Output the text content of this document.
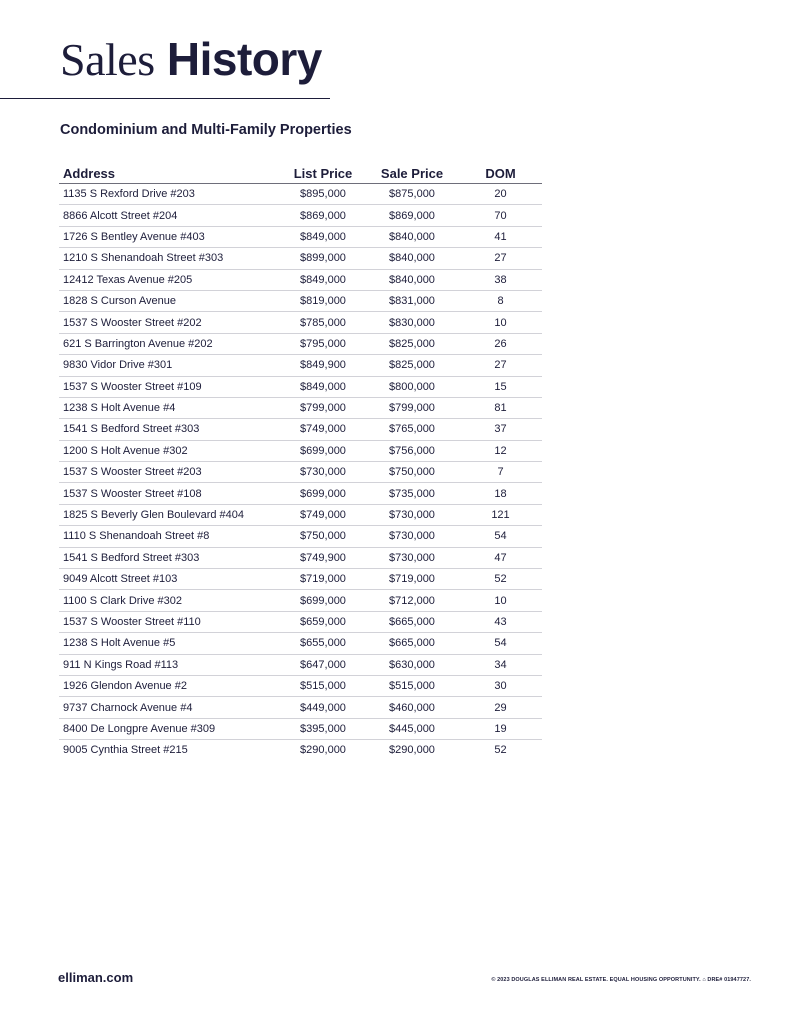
Sales History
Condominium and Multi-Family Properties
Address	List Price	Sale Price	DOM
1135 S Rexford Drive #203	$895,000	$875,000	20
8866 Alcott Street #204	$869,000	$869,000	70
1726 S Bentley Avenue #403	$849,000	$840,000	41
1210 S Shenandoah Street #303	$899,000	$840,000	27
12412 Texas Avenue #205	$849,000	$840,000	38
1828 S Curson Avenue	$819,000	$831,000	8
1537 S Wooster Street #202	$785,000	$830,000	10
621 S Barrington Avenue #202	$795,000	$825,000	26
9830 Vidor Drive #301	$849,900	$825,000	27
1537 S Wooster Street #109	$849,000	$800,000	15
1238 S Holt Avenue #4	$799,000	$799,000	81
1541 S Bedford Street #303	$749,000	$765,000	37
1200 S Holt Avenue #302	$699,000	$756,000	12
1537 S Wooster Street #203	$730,000	$750,000	7
1537 S Wooster Street #108	$699,000	$735,000	18
1825 S Beverly Glen Boulevard #404	$749,000	$730,000	121
1110 S Shenandoah Street #8	$750,000	$730,000	54
1541 S Bedford Street #303	$749,900	$730,000	47
9049 Alcott Street #103	$719,000	$719,000	52
1100 S Clark Drive #302	$699,000	$712,000	10
1537 S Wooster Street #110	$659,000	$665,000	43
1238 S Holt Avenue #5	$655,000	$665,000	54
911 N Kings Road #113	$647,000	$630,000	34
1926 Glendon Avenue #2	$515,000	$515,000	30
9737 Charnock Avenue #4	$449,000	$460,000	29
8400 De Longpre Avenue #309	$395,000	$445,000	19
9005 Cynthia Street #215	$290,000	$290,000	52
elliman.com	© 2023 DOUGLAS ELLIMAN REAL ESTATE. EQUAL HOUSING OPPORTUNITY. ⌂ DRE# 01947727.
